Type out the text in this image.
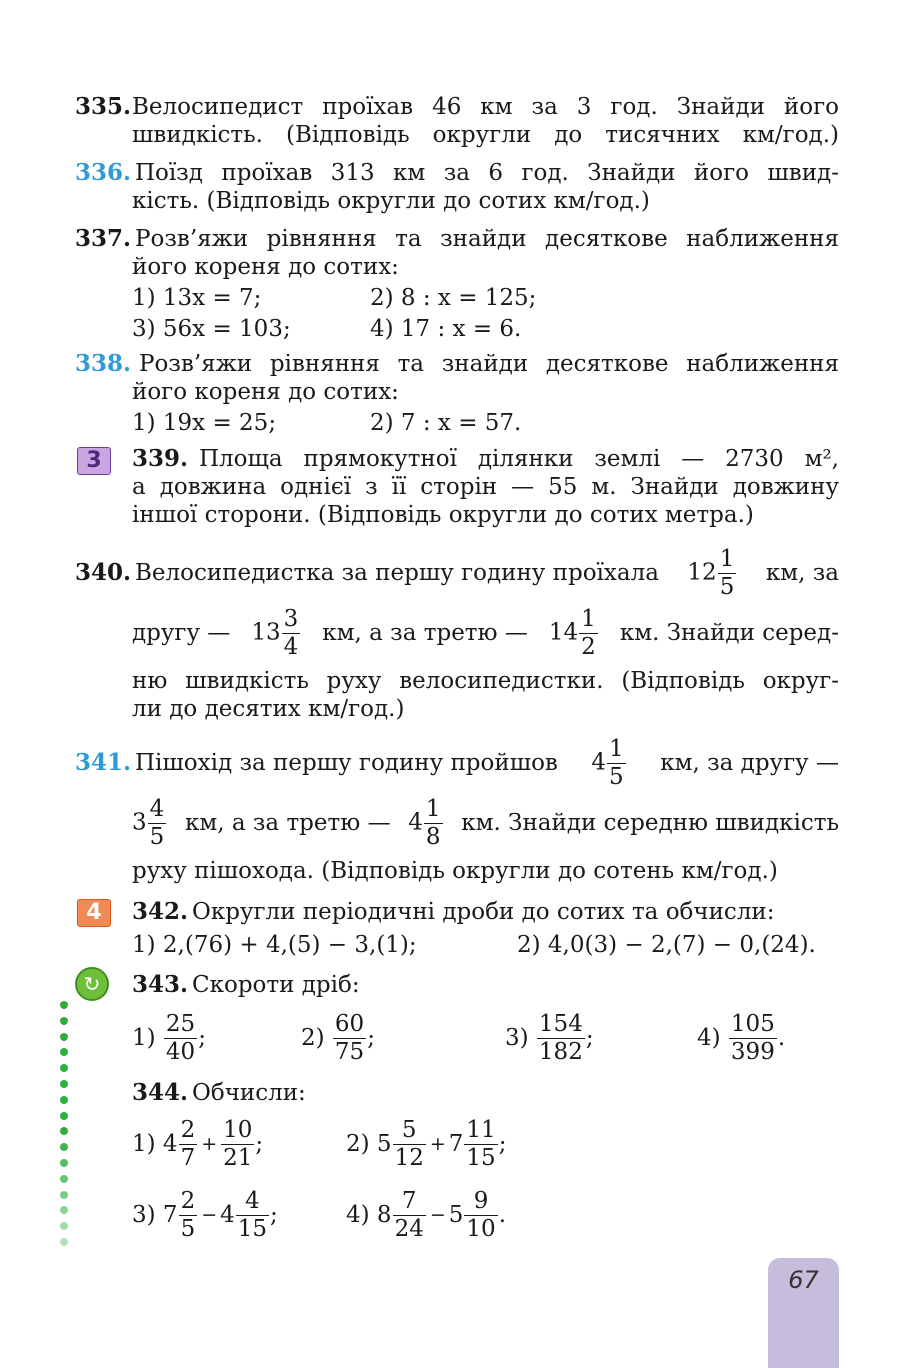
335. Велосипедист проїхав 46 км за 3 год. Знайди його
швидкість. (Відповідь округли до тисячних км/год.)
336. Поїзд проїхав 313 км за 6 год. Знайди його швид-
кість. (Відповідь округли до сотих км/год.)
337. Розв’яжи рівняння та знайди десяткове наближення
його кореня до сотих:
1) 13x = 7;	2) 8 : x = 125;
3) 56x = 103;	4) 17 : x = 6.
338. Розв’яжи рівняння та знайди десяткове наближення
його кореня до сотих:
1) 19x = 25;	2) 7 : x = 57.
3	339. Площа прямокутної ділянки землі — 2730 м²,
а довжина однієї з її сторін — 55 м. Знайди довжину
іншої сторони. (Відповідь округли до сотих метра.)
340. Велосипедистка за першу годину проїхала $12 \frac{1}{5}$ км, за
другу — $13 \frac{3}{4}$ км, а за третю — $14 \frac{1}{2}$ км. Знайди серед-
ню швидкість руху велосипедистки. (Відповідь округ-
ли до десятих км/год.)
341. Пішохід за першу годину пройшов $4 \frac{1}{5}$ км, за другу —
$3 \frac{4}{5}$ км, а за третю — $4 \frac{1}{8}$ км. Знайди середню швидкість
руху пішохода. (Відповідь округли до сотень км/год.)
4	342. Округли періодичні дроби до сотих та обчисли:
1) 2,(76) + 4,(5) − 3,(1);	2) 4,0(3) − 2,(7) − 0,(24).
↻	343. Скороти дріб:
1)
$\frac{25}{40}$ ;	2)
$\frac{60}{75}$ ;	3)
$\frac{154}{182}$ ;	4)
$\frac{105}{399}$ .
344. Обчисли:
1) $4 \frac{2}{7} + \frac{10}{21}$ ;	2) $5 \frac{5}{12} + 7 \frac{11}{15}$ ;
3) $7 \frac{2}{5} - 4 \frac{4}{15}$ ;	4) $8 \frac{7}{24} - 5 \frac{9}{10}$ .
67
